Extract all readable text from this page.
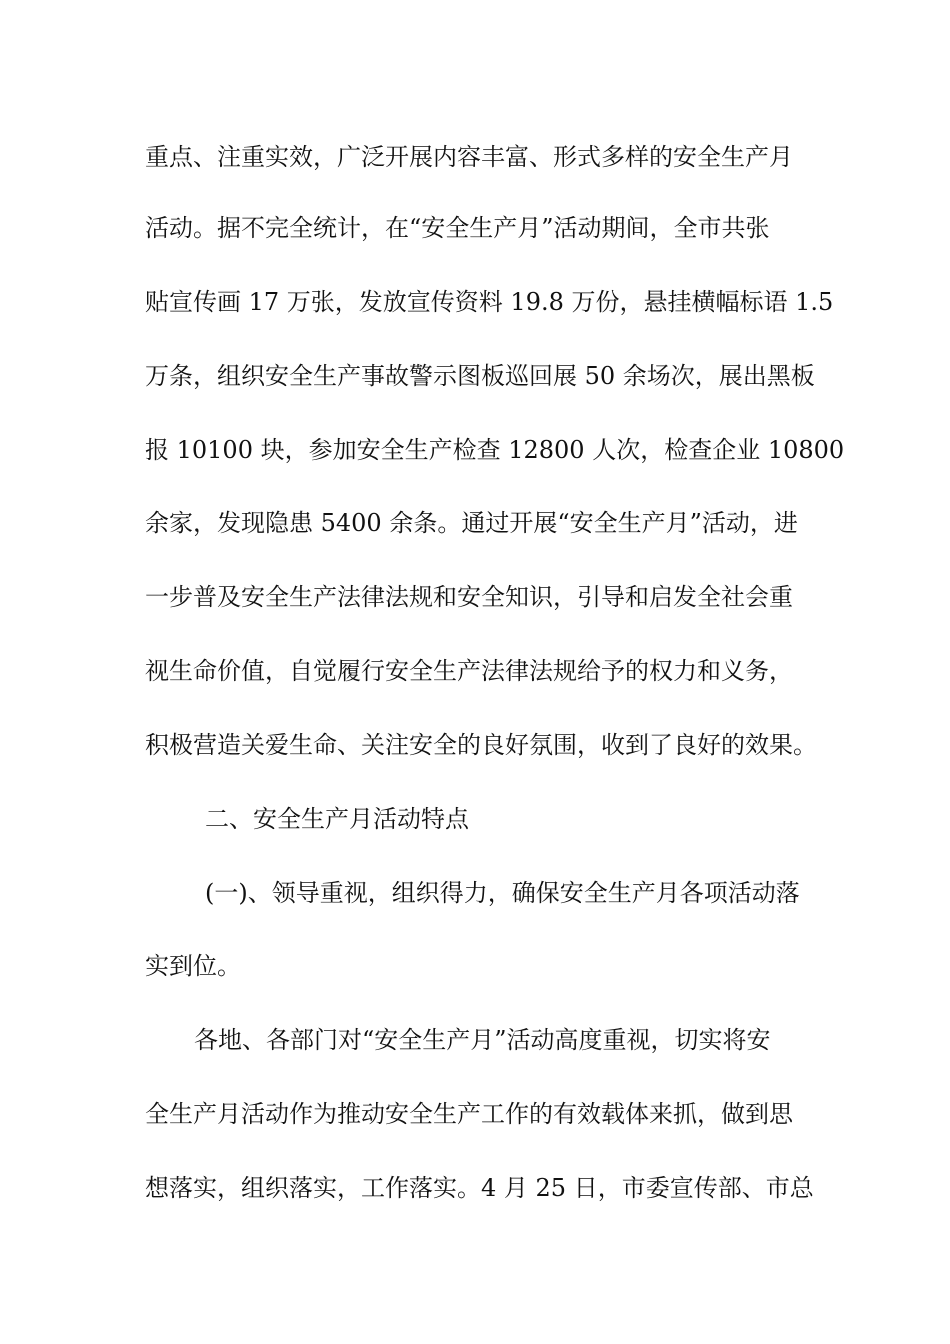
重点、注重实效，广泛开展内容丰富、形式多样的安全生产月
活动。据不完全统计，在“安全生产月”活动期间，全市共张
贴宣传画 17 万张，发放宣传资料 19.8 万份，悬挂横幅标语 1.5
万条，组织安全生产事故警示图板巡回展 50 余场次，展出黑板
报 10100 块，参加安全生产检查 12800 人次，检查企业 10800
余家，发现隐患 5400 余条。通过开展“安全生产月”活动，进
一步普及安全生产法律法规和安全知识，引导和启发全社会重
视生命价值，自觉履行安全生产法律法规给予的权力和义务，
积极营造关爱生命、关注安全的良好氛围，收到了良好的效果。
二、安全生产月活动特点
(一)、领导重视，组织得力，确保安全生产月各项活动落
实到位。
各地、各部门对“安全生产月”活动高度重视，切实将安
全生产月活动作为推动安全生产工作的有效载体来抓，做到思
想落实，组织落实，工作落实。4 月 25 日，市委宣传部、市总
